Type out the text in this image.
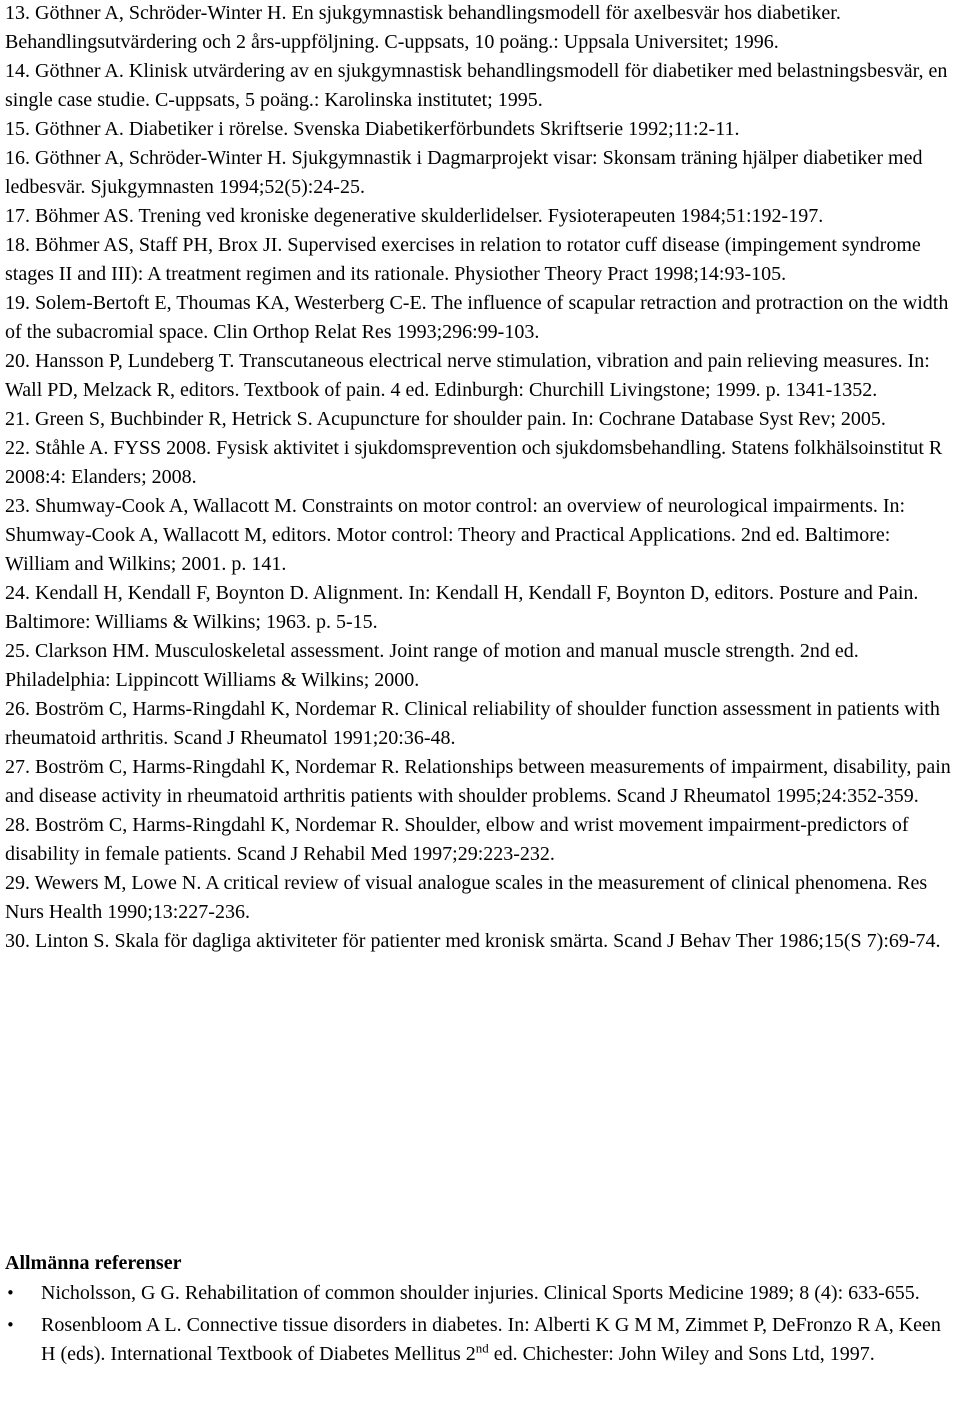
13. Göthner A, Schröder-Winter H. En sjukgymnastisk behandlingsmodell för axelbesvär hos diabetiker. Behandlingsutvärdering och 2 års-uppföljning. C-uppsats, 10 poäng.: Uppsala Universitet; 1996.

14. Göthner A. Klinisk utvärdering av en sjukgymnastisk behandlingsmodell för diabetiker med belastningsbesvär, en single case studie. C-uppsats, 5 poäng.: Karolinska institutet; 1995.

15. Göthner A. Diabetiker i rörelse. Svenska Diabetikerförbundets Skriftserie 1992;11:2-11.

16. Göthner A, Schröder-Winter H. Sjukgymnastik i Dagmarprojekt visar: Skonsam träning hjälper diabetiker med ledbesvär. Sjukgymnasten 1994;52(5):24-25.

17. Böhmer AS. Trening ved kroniske degenerative skulderlidelser. Fysioterapeuten 1984;51:192-197.

18. Böhmer AS, Staff PH, Brox JI. Supervised exercises in relation to rotator cuff disease (impingement syndrome stages II and III): A treatment regimen and its rationale. Physiother Theory Pract 1998;14:93-105.

19. Solem-Bertoft E, Thoumas KA, Westerberg C-E. The influence of scapular retraction and protraction on the width of the subacromial space. Clin Orthop Relat Res 1993;296:99-103.

20. Hansson P, Lundeberg T. Transcutaneous electrical nerve stimulation, vibration and pain relieving measures. In: Wall PD, Melzack R, editors. Textbook of pain. 4 ed. Edinburgh: Churchill Livingstone; 1999. p. 1341-1352.

21. Green S, Buchbinder R, Hetrick S. Acupuncture for shoulder pain. In: Cochrane Database Syst Rev; 2005.

22. Ståhle A. FYSS 2008. Fysisk aktivitet i sjukdomsprevention och sjukdomsbehandling. Statens folkhälsoinstitut R 2008:4: Elanders; 2008.

23. Shumway-Cook A, Wallacott M. Constraints on motor control: an overview of neurological impairments. In: Shumway-Cook A, Wallacott M, editors. Motor control: Theory and Practical Applications. 2nd ed. Baltimore: William and Wilkins; 2001. p. 141.

24. Kendall H, Kendall F, Boynton D. Alignment. In: Kendall H, Kendall F, Boynton D, editors. Posture and Pain. Baltimore: Williams & Wilkins; 1963. p. 5-15.

25. Clarkson HM. Musculoskeletal assessment. Joint range of motion and manual muscle strength. 2nd ed. Philadelphia: Lippincott Williams & Wilkins; 2000.

26. Boström C, Harms-Ringdahl K, Nordemar R. Clinical reliability of shoulder function assessment in patients with rheumatoid arthritis. Scand J Rheumatol 1991;20:36-48.

27. Boström C, Harms-Ringdahl K, Nordemar R. Relationships between measurements of impairment, disability, pain and disease activity in rheumatoid arthritis patients with shoulder problems. Scand J Rheumatol 1995;24:352-359.

28. Boström C, Harms-Ringdahl K, Nordemar R. Shoulder, elbow and wrist movement impairment-predictors of disability in female patients. Scand J Rehabil Med 1997;29:223-232.

29. Wewers M, Lowe N. A critical review of visual analogue scales in the measurement of clinical phenomena. Res Nurs Health 1990;13:227-236.

30. Linton S. Skala för dagliga aktiviteter för patienter med kronisk smärta. Scand J Behav Ther 1986;15(S 7):69-74.

Allmänna referenser
• Nicholsson, G G. Rehabilitation of common shoulder injuries. Clinical Sports Medicine 1989; 8 (4): 633-655.
• Rosenbloom A L. Connective tissue disorders in diabetes. In: Alberti K G M M, Zimmet P, DeFronzo R A, Keen H (eds). International Textbook of Diabetes Mellitus 2nd ed. Chichester: John Wiley and Sons Ltd, 1997.
